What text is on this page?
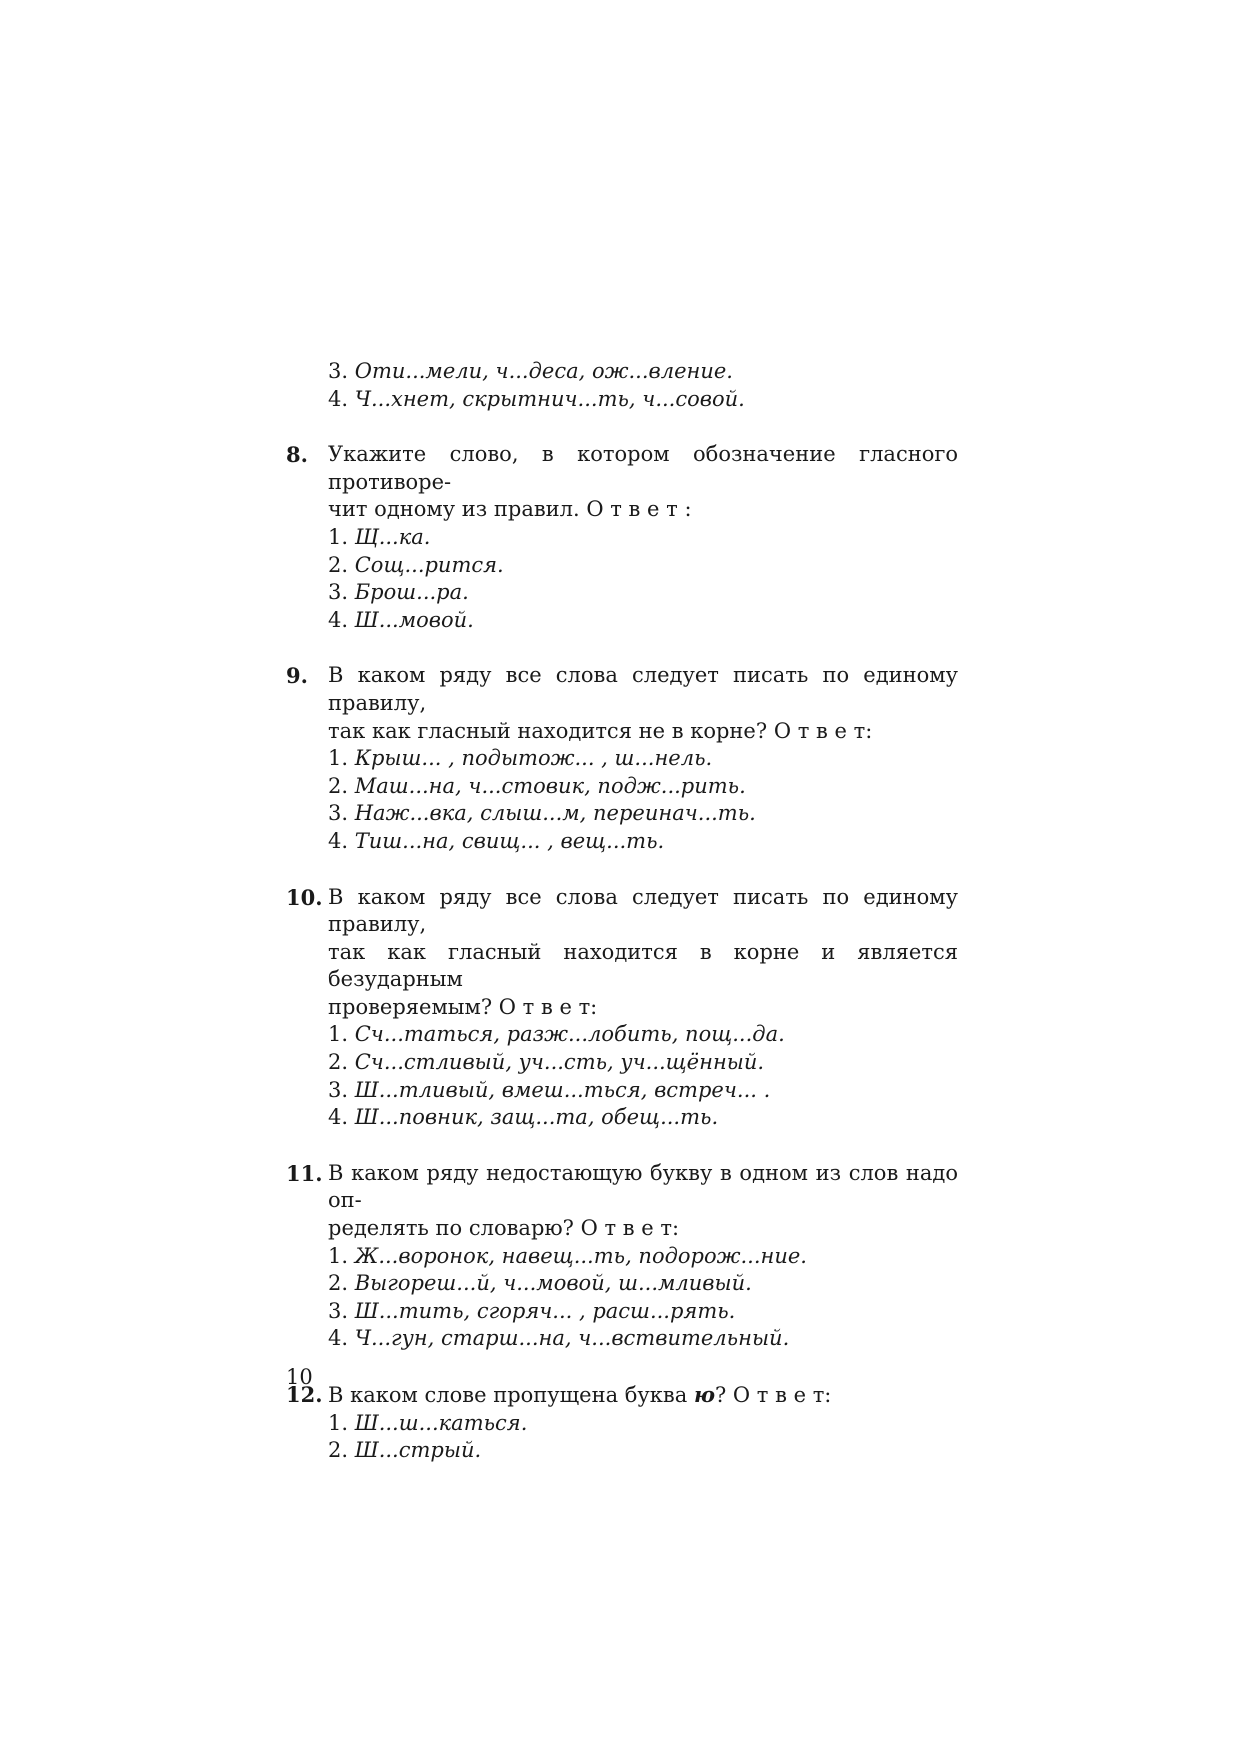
3. Оти...мели, ч...деса, ож...вление.
4. Ч...хнет, скрытнич...ть, ч...совой.
8. Укажите слово, в котором обозначение гласного противоре-
чит одному из правил. О т в е т :
1. Щ...ка.
2. Сощ...рится.
3. Брош...ра.
4. Ш...мовой.
9. В каком ряду все слова следует писать по единому правилу,
так как гласный находится не в корне? О т в е т:
1. Крыш... , подытож... , ш...нель.
2. Маш...на, ч...стовик, подж...рить.
3. Наж...вка, слыш...м, переинач...ть.
4. Тиш...на, свищ... , вещ...ть.
10. В каком ряду все слова следует писать по единому правилу,
так как гласный находится в корне и является безударным
проверяемым? О т в е т:
1. Сч...таться, разж...лобить, пощ...да.
2. Сч...стливый, уч...сть, уч...щённый.
3. Ш...тливый, вмеш...ться, встреч... .
4. Ш...повник, защ...та, обещ...ть.
11. В каком ряду недостающую букву в одном из слов надо оп-
ределять по словарю? О т в е т:
1. Ж...воронок, навещ...ть, подорож...ние.
2. Выгореш...й, ч...мовой, ш...мливый.
3. Ш...тить, сгоряч... , расш...рять.
4. Ч...гун, старш...на, ч...вствительный.
12. В каком слове пропущена буква ю? О т в е т:
1. Ш...ш...каться.
2. Ш...стрый.
10
